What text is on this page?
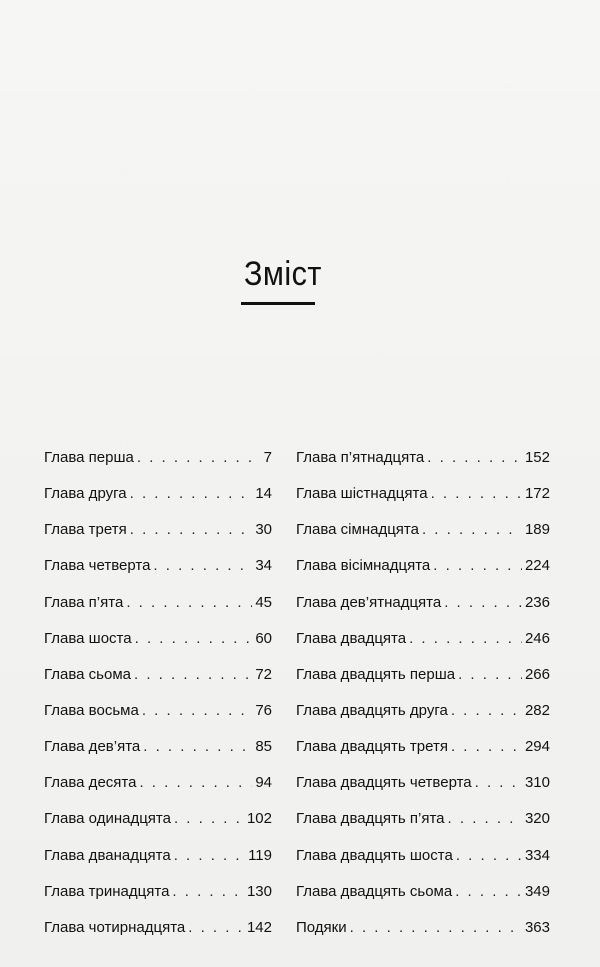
Зміст
Глава перша . . .	7
Глава друга . . .	14
Глава третя . . .	30
Глава четверта . . .	34
Глава п’ята . . .	45
Глава шоста . . .	60
Глава сьома . . .	72
Глава восьма . . .	76
Глава дев’ята . . .	85
Глава десята . . .	94
Глава одинадцята . . .	102
Глава дванадцята . . .	119
Глава тринадцята . . .	130
Глава чотирнадцята . . .	142
Глава п’ятнадцята . . .	152
Глава шістнадцята . . .	172
Глава сімнадцята . . .	189
Глава вісімнадцята . . .	224
Глава дев’ятнадцята . . .	236
Глава двадцята . . .	246
Глава двадцять перша . . .	266
Глава двадцять друга . . .	282
Глава двадцять третя . . .	294
Глава двадцять четверта . . .	310
Глава двадцять п’ята . . .	320
Глава двадцять шоста . . .	334
Глава двадцять сьома . . .	349
Подяки . . .	363
